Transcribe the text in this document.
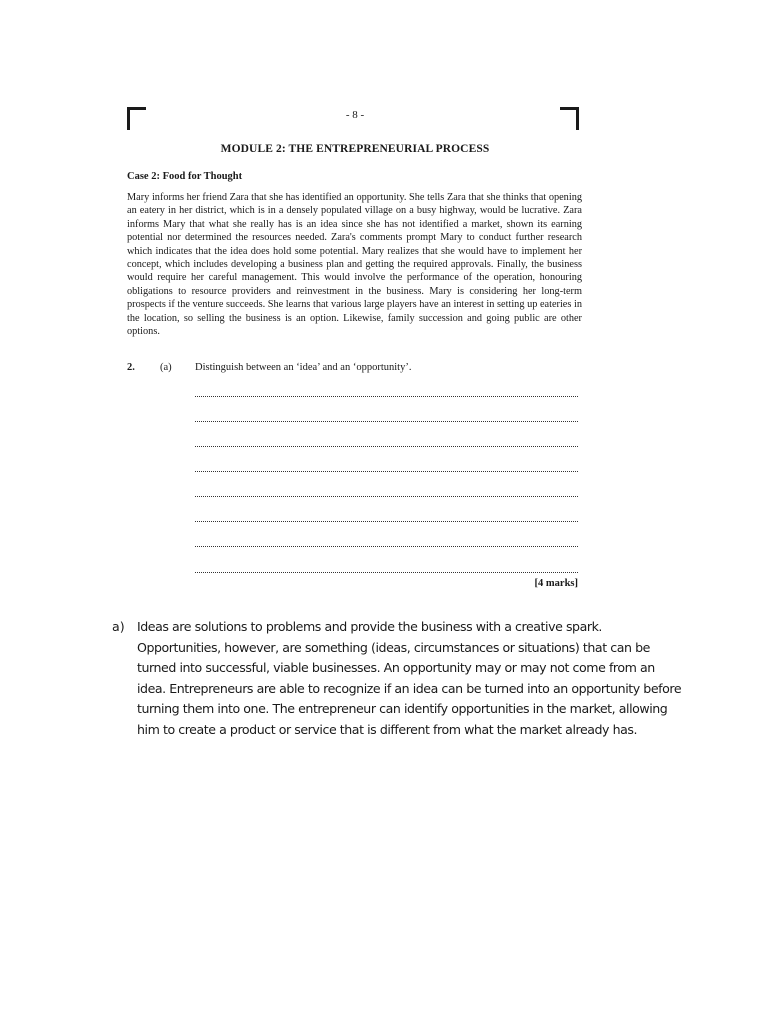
- 8 -
MODULE 2: THE ENTREPRENEURIAL PROCESS
Case 2: Food for Thought
Mary informs her friend Zara that she has identified an opportunity. She tells Zara that she thinks that opening an eatery in her district, which is in a densely populated village on a busy highway, would be lucrative. Zara informs Mary that what she really has is an idea since she has not identified a market, shown its earning potential nor determined the resources needed. Zara's comments prompt Mary to conduct further research which indicates that the idea does hold some potential. Mary realizes that she would have to implement her concept, which includes developing a business plan and getting the required approvals. Finally, the business would require her careful management. This would involve the performance of the operation, honouring obligations to resource providers and reinvestment in the business. Mary is considering her long-term prospects if the venture succeeds. She learns that various large players have an interest in setting up eateries in the location, so selling the business is an option. Likewise, family succession and going public are other options.
2. (a) Distinguish between an ‘idea’ and an ‘opportunity’.
[4 marks]
a) Ideas are solutions to problems and provide the business with a creative spark. Opportunities, however, are something (ideas, circumstances or situations) that can be turned into successful, viable businesses. An opportunity may or may not come from an idea. Entrepreneurs are able to recognize if an idea can be turned into an opportunity before turning them into one. The entrepreneur can identify opportunities in the market, allowing him to create a product or service that is different from what the market already has.
